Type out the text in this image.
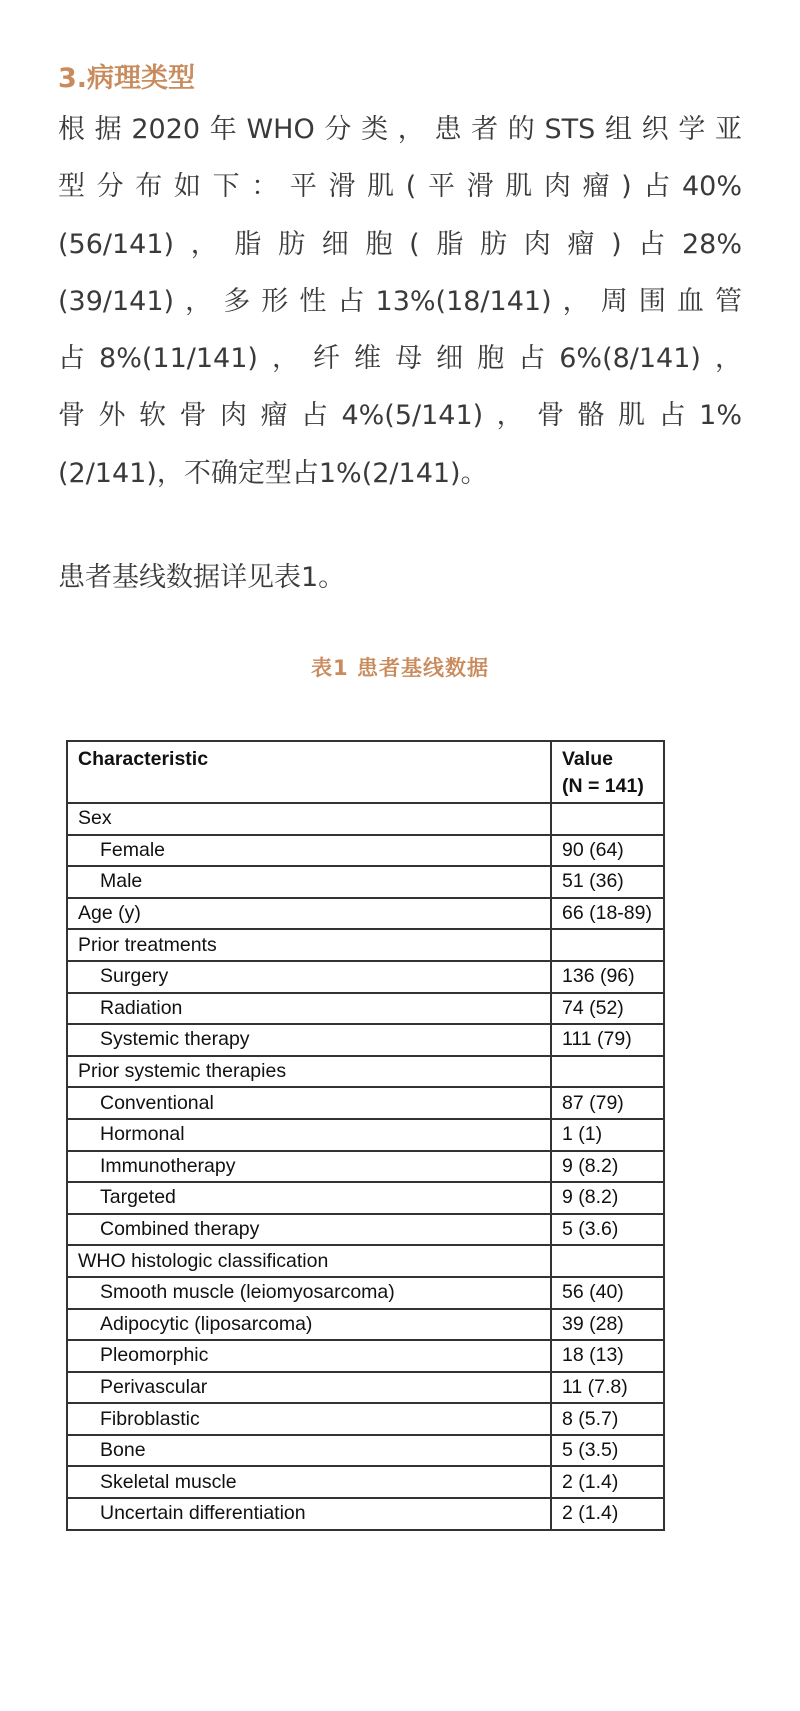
3.病理类型
根据2020年WHO分类，患者的STS组织学亚
型分布如下：平滑肌(平滑肌肉瘤)占40%
(56/141)，脂肪细胞(脂肪肉瘤)占28%
(39/141)，多形性占13%(18/141)，周围血管
占8%(11/141)，纤维母细胞占6%(8/141)，
骨外软骨肉瘤占4%(5/141)，骨骼肌占1%
(2/141)，不确定型占1%(2/141)。
患者基线数据详见表1。
表1 患者基线数据
Characteristic	Value
(N = 141)
Sex	
Female	90 (64)
Male	51 (36)
Age (y)	66 (18-89)
Prior treatments	
Surgery	136 (96)
Radiation	74 (52)
Systemic therapy	111 (79)
Prior systemic therapies	
Conventional	87 (79)
Hormonal	1 (1)
Immunotherapy	9 (8.2)
Targeted	9 (8.2)
Combined therapy	5 (3.6)
WHO histologic classification	
Smooth muscle (leiomyosarcoma)	56 (40)
Adipocytic (liposarcoma)	39 (28)
Pleomorphic	18 (13)
Perivascular	11 (7.8)
Fibroblastic	8 (5.7)
Bone	5 (3.5)
Skeletal muscle	2 (1.4)
Uncertain differentiation	2 (1.4)
